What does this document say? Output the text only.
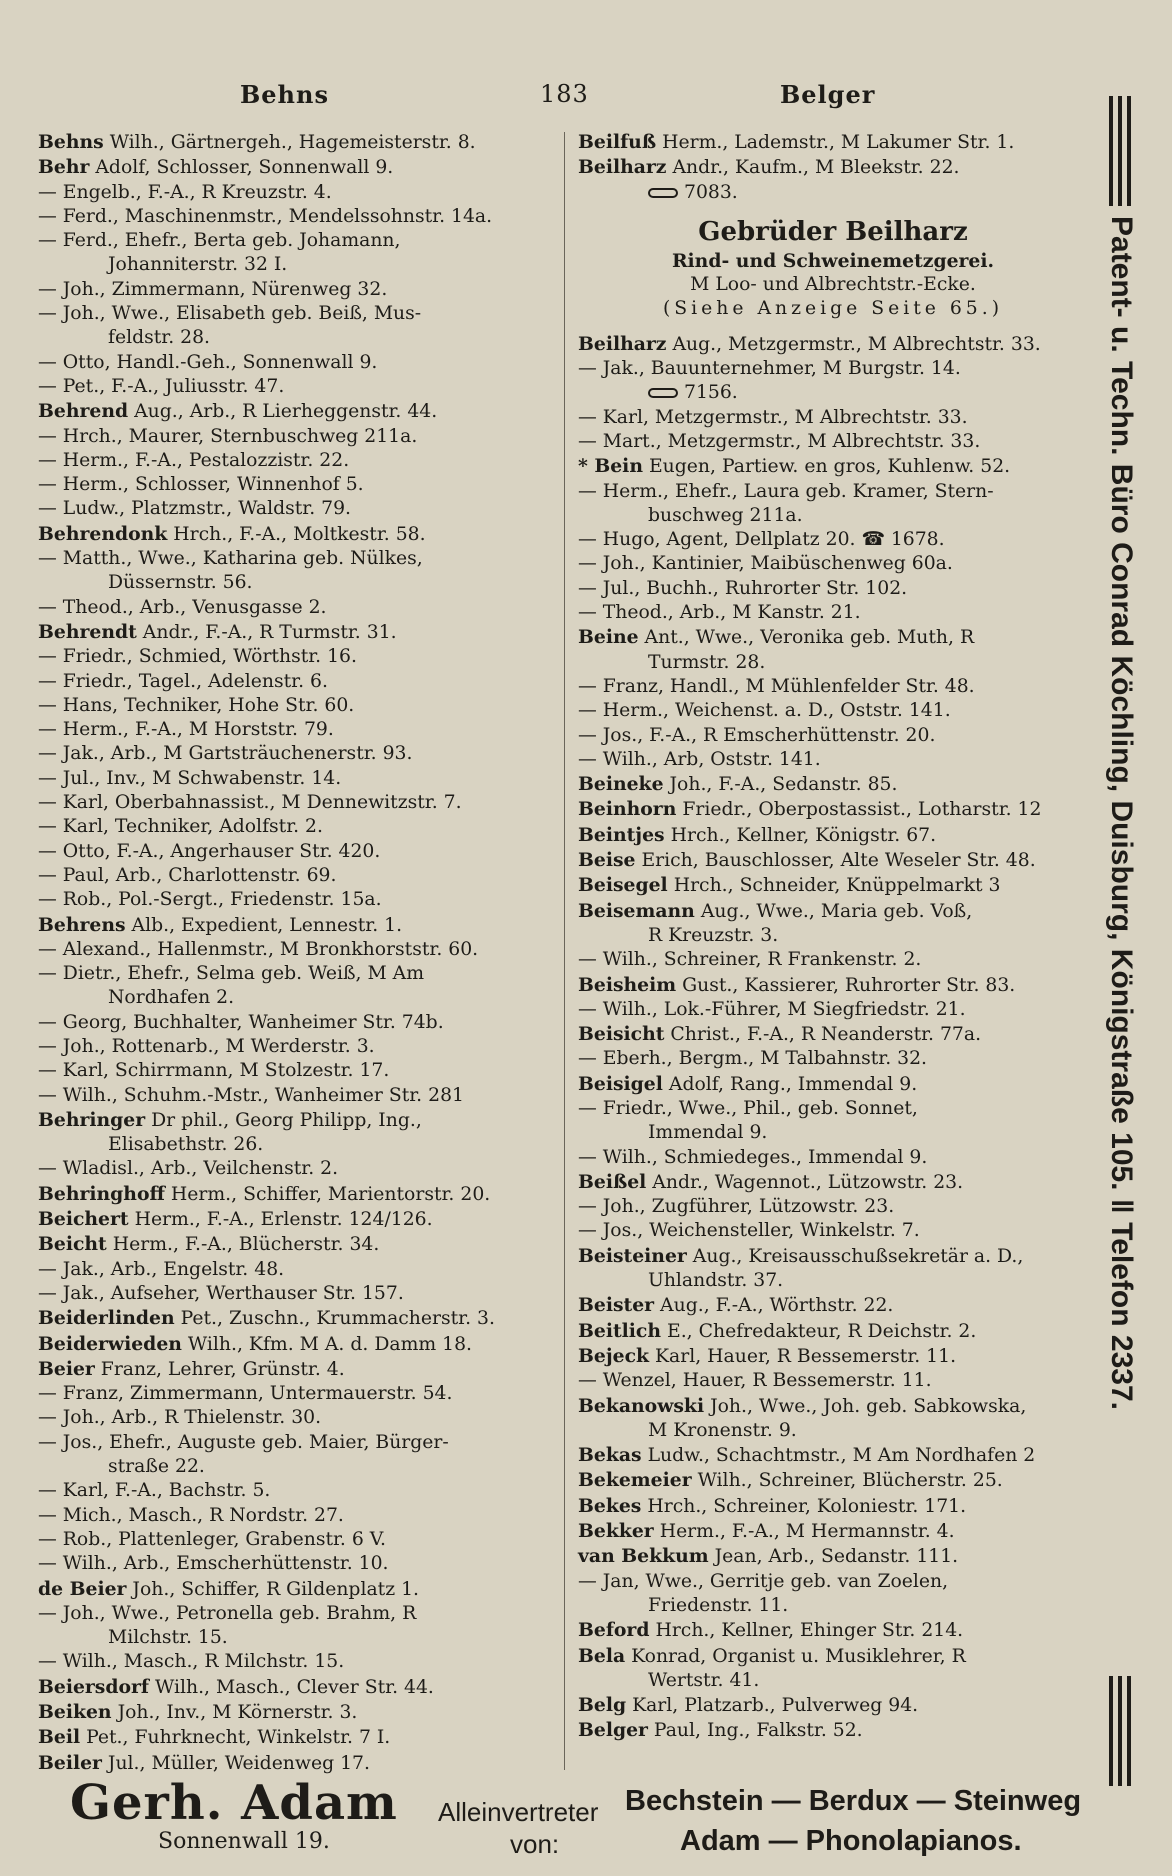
Behns	183	Belger
Behns Wilh., Gärtnergeh., Hagemeisterstr. 8.
Behr Adolf, Schlosser, Sonnenwall 9.
— Engelb., F.-A., R Kreuzstr. 4.
— Ferd., Maschinenmstr., Mendelssohnstr. 14a.
— Ferd., Ehefr., Berta geb. Johamann,
Johanniterstr. 32 I.
— Joh., Zimmermann, Nürenweg 32.
— Joh., Wwe., Elisabeth geb. Beiß, Mus-
feldstr. 28.
— Otto, Handl.-Geh., Sonnenwall 9.
— Pet., F.-A., Juliusstr. 47.
Behrend Aug., Arb., R Lierheggenstr. 44.
— Hrch., Maurer, Sternbuschweg 211a.
— Herm., F.-A., Pestalozzistr. 22.
— Herm., Schlosser, Winnenhof 5.
— Ludw., Platzmstr., Waldstr. 79.
Behrendonk Hrch., F.-A., Moltkestr. 58.
— Matth., Wwe., Katharina geb. Nülkes,
Düssernstr. 56.
— Theod., Arb., Venusgasse 2.
Behrendt Andr., F.-A., R Turmstr. 31.
— Friedr., Schmied, Wörthstr. 16.
— Friedr., Tagel., Adelenstr. 6.
— Hans, Techniker, Hohe Str. 60.
— Herm., F.-A., M Horststr. 79.
— Jak., Arb., M Gartsträuchenerstr. 93.
— Jul., Inv., M Schwabenstr. 14.
— Karl, Oberbahnassist., M Dennewitzstr. 7.
— Karl, Techniker, Adolfstr. 2.
— Otto, F.-A., Angerhauser Str. 420.
— Paul, Arb., Charlottenstr. 69.
— Rob., Pol.-Sergt., Friedenstr. 15a.
Behrens Alb., Expedient, Lennestr. 1.
— Alexand., Hallenmstr., M Bronkhorststr. 60.
— Dietr., Ehefr., Selma geb. Weiß, M Am
Nordhafen 2.
— Georg, Buchhalter, Wanheimer Str. 74b.
— Joh., Rottenarb., M Werderstr. 3.
— Karl, Schirrmann, M Stolzestr. 17.
— Wilh., Schuhm.-Mstr., Wanheimer Str. 281
Behringer Dr phil., Georg Philipp, Ing.,
Elisabethstr. 26.
— Wladisl., Arb., Veilchenstr. 2.
Behringhoff Herm., Schiffer, Marientorstr. 20.
Beichert Herm., F.-A., Erlenstr. 124/126.
Beicht Herm., F.-A., Blücherstr. 34.
— Jak., Arb., Engelstr. 48.
— Jak., Aufseher, Werthauser Str. 157.
Beiderlinden Pet., Zuschn., Krummacherstr. 3.
Beiderwieden Wilh., Kfm. M A. d. Damm 18.
Beier Franz, Lehrer, Grünstr. 4.
— Franz, Zimmermann, Untermauerstr. 54.
— Joh., Arb., R Thielenstr. 30.
— Jos., Ehefr., Auguste geb. Maier, Bürger-
straße 22.
— Karl, F.-A., Bachstr. 5.
— Mich., Masch., R Nordstr. 27.
— Rob., Plattenleger, Grabenstr. 6 V.
— Wilh., Arb., Emscherhüttenstr. 10.
de Beier Joh., Schiffer, R Gildenplatz 1.
— Joh., Wwe., Petronella geb. Brahm, R
Milchstr. 15.
— Wilh., Masch., R Milchstr. 15.
Beiersdorf Wilh., Masch., Clever Str. 44.
Beiken Joh., Inv., M Körnerstr. 3.
Beil Pet., Fuhrknecht, Winkelstr. 7 I.
Beiler Jul., Müller, Weidenweg 17.
Beilfuß Herm., Lademstr., M Lakumer Str. 1.
Beilharz Andr., Kaufm., M Bleekstr. 22.
7083.
Gebrüder Beilharz
Rind- und Schweinemetzgerei.
M Loo- und Albrechtstr.-Ecke.
(Siehe Anzeige Seite 65.)
Beilharz Aug., Metzgermstr., M Albrechtstr. 33.
— Jak., Bauunternehmer, M Burgstr. 14.
7156.
— Karl, Metzgermstr., M Albrechtstr. 33.
— Mart., Metzgermstr., M Albrechtstr. 33.
* Bein Eugen, Partiew. en gros, Kuhlenw. 52.
— Herm., Ehefr., Laura geb. Kramer, Stern-
buschweg 211a.
— Hugo, Agent, Dellplatz 20. ☎ 1678.
— Joh., Kantinier, Maibüschenweg 60a.
— Jul., Buchh., Ruhrorter Str. 102.
— Theod., Arb., M Kanstr. 21.
Beine Ant., Wwe., Veronika geb. Muth, R
Turmstr. 28.
— Franz, Handl., M Mühlenfelder Str. 48.
— Herm., Weichenst. a. D., Oststr. 141.
— Jos., F.-A., R Emscherhüttenstr. 20.
— Wilh., Arb, Oststr. 141.
Beineke Joh., F.-A., Sedanstr. 85.
Beinhorn Friedr., Oberpostassist., Lotharstr. 12
Beintjes Hrch., Kellner, Königstr. 67.
Beise Erich, Bauschlosser, Alte Weseler Str. 48.
Beisegel Hrch., Schneider, Knüppelmarkt 3
Beisemann Aug., Wwe., Maria geb. Voß,
R Kreuzstr. 3.
— Wilh., Schreiner, R Frankenstr. 2.
Beisheim Gust., Kassierer, Ruhrorter Str. 83.
— Wilh., Lok.-Führer, M Siegfriedstr. 21.
Beisicht Christ., F.-A., R Neanderstr. 77a.
— Eberh., Bergm., M Talbahnstr. 32.
Beisigel Adolf, Rang., Immendal 9.
— Friedr., Wwe., Phil., geb. Sonnet,
Immendal 9.
— Wilh., Schmiedeges., Immendal 9.
Beißel Andr., Wagennot., Lützowstr. 23.
— Joh., Zugführer, Lützowstr. 23.
— Jos., Weichensteller, Winkelstr. 7.
Beisteiner Aug., Kreisausschußsekretär a. D.,
Uhlandstr. 37.
Beister Aug., F.-A., Wörthstr. 22.
Beitlich E., Chefredakteur, R Deichstr. 2.
Bejeck Karl, Hauer, R Bessemerstr. 11.
— Wenzel, Hauer, R Bessemerstr. 11.
Bekanowski Joh., Wwe., Joh. geb. Sabkowska,
M Kronenstr. 9.
Bekas Ludw., Schachtmstr., M Am Nordhafen 2
Bekemeier Wilh., Schreiner, Blücherstr. 25.
Bekes Hrch., Schreiner, Koloniestr. 171.
Bekker Herm., F.-A., M Hermannstr. 4.
van Bekkum Jean, Arb., Sedanstr. 111.
— Jan, Wwe., Gerritje geb. van Zoelen,
Friedenstr. 11.
Beford Hrch., Kellner, Ehinger Str. 214.
Bela Konrad, Organist u. Musiklehrer, R
Wertstr. 41.
Belg Karl, Platzarb., Pulverweg 94.
Belger Paul, Ing., Falkstr. 52.
Patent- u. Techn. Büro Conrad Köchling, Duisburg, Königstraße 105. ‖ Telefon 2337.
Gerh. Adam
Sonnenwall 19.
Alleinvertreter
von:
Bechstein — Berdux — Steinweg
Adam — Phonolapianos.
